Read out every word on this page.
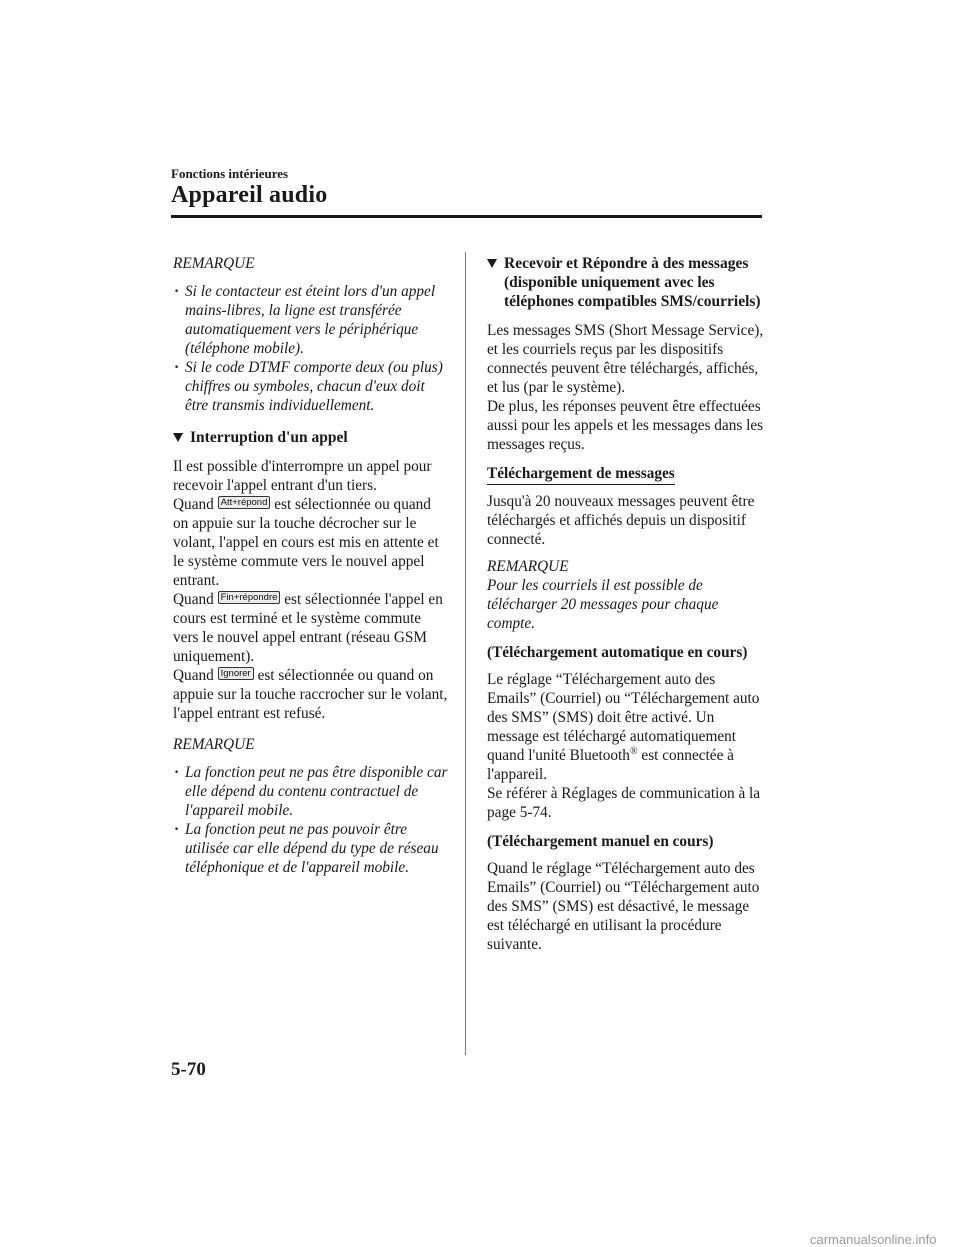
Fonctions intérieures
Appareil audio
REMARQUE
· Si le contacteur est éteint lors d'un appel mains-libres, la ligne est transférée automatiquement vers le périphérique (téléphone mobile).
· Si le code DTMF comporte deux (ou plus) chiffres ou symboles, chacun d'eux doit être transmis individuellement.
Interruption d'un appel

Il est possible d'interrompre un appel pour recevoir l'appel entrant d'un tiers.

Quand Att+répond est sélectionnée ou quand on appuie sur la touche décrocher sur le volant, l'appel en cours est mis en attente et le système commute vers le nouvel appel entrant.

Quand Fin+répondre est sélectionnée l'appel en cours est terminé et le système commute vers le nouvel appel entrant (réseau GSM uniquement).

Quand Ignorer est sélectionnée ou quand on appuie sur la touche raccrocher sur le volant, l'appel entrant est refusé.

REMARQUE
· La fonction peut ne pas être disponible car elle dépend du contenu contractuel de l'appareil mobile.
· La fonction peut ne pas pouvoir être utilisée car elle dépend du type de réseau téléphonique et de l'appareil mobile.
Recevoir et Répondre à des messages (disponible uniquement avec les téléphones compatibles SMS/courriels)

Les messages SMS (Short Message Service), et les courriels reçus par les dispositifs connectés peuvent être téléchargés, affichés, et lus (par le système).

De plus, les réponses peuvent être effectuées aussi pour les appels et les messages dans les messages reçus.

Téléchargement de messages

Jusqu'à 20 nouveaux messages peuvent être téléchargés et affichés depuis un dispositif connecté.

REMARQUE
Pour les courriels il est possible de télécharger 20 messages pour chaque compte.
(Téléchargement automatique en cours)

Le réglage “Téléchargement auto des Emails” (Courriel) ou “Téléchargement auto des SMS” (SMS) doit être activé. Un message est téléchargé automatiquement quand l'unité Bluetooth® est connectée à l'appareil.

Se référer à Réglages de communication à la page 5-74.

(Téléchargement manuel en cours)

Quand le réglage “Téléchargement auto des Emails” (Courriel) ou “Téléchargement auto des SMS” (SMS) est désactivé, le message est téléchargé en utilisant la procédure suivante.

5-70
carmanualsonline.info
